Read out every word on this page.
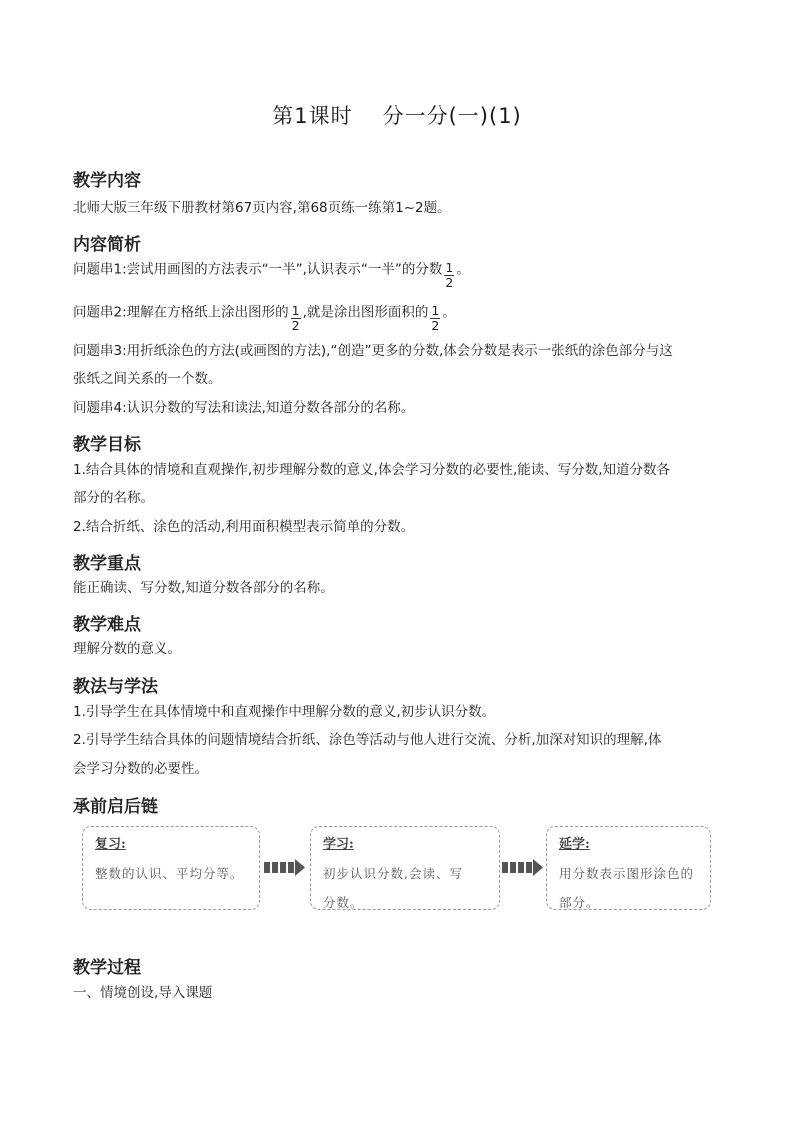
第1课时 分一分(一)(1)
教学内容
北师大版三年级下册教材第67页内容,第68页练一练第1~2题。
内容简析
问题串1:尝试用画图的方法表示“一半”,认识表示“一半”的分数 $\frac{1}{2}$ 。
问题串2:理解在方格纸上涂出图形的 $\frac{1}{2}$ ,就是涂出图形面积的 $\frac{1}{2}$ 。
问题串3:用折纸涂色的方法(或画图的方法),“创造”更多的分数,体会分数是表示一张纸的涂色部分与这
张纸之间关系的一个数。
问题串4:认识分数的写法和读法,知道分数各部分的名称。
教学目标
1.结合具体的情境和直观操作,初步理解分数的意义,体会学习分数的必要性,能读、写分数,知道分数各
部分的名称。
2.结合折纸、涂色的活动,利用面积模型表示简单的分数。
教学重点
能正确读、写分数,知道分数各部分的名称。
教学难点
理解分数的意义。
教法与学法
1.引导学生在具体情境中和直观操作中理解分数的意义,初步认识分数。
2.引导学生结合具体的问题情境结合折纸、涂色等活动与他人进行交流、分析,加深对知识的理解,体
会学习分数的必要性。
承前启后链
复习:
整数的认识、平均分等。
学习:
初步认识分数,会读、写
分数。
延学:
用分数表示图形涂色的
部分。
教学过程
一、情境创设,导入课题
